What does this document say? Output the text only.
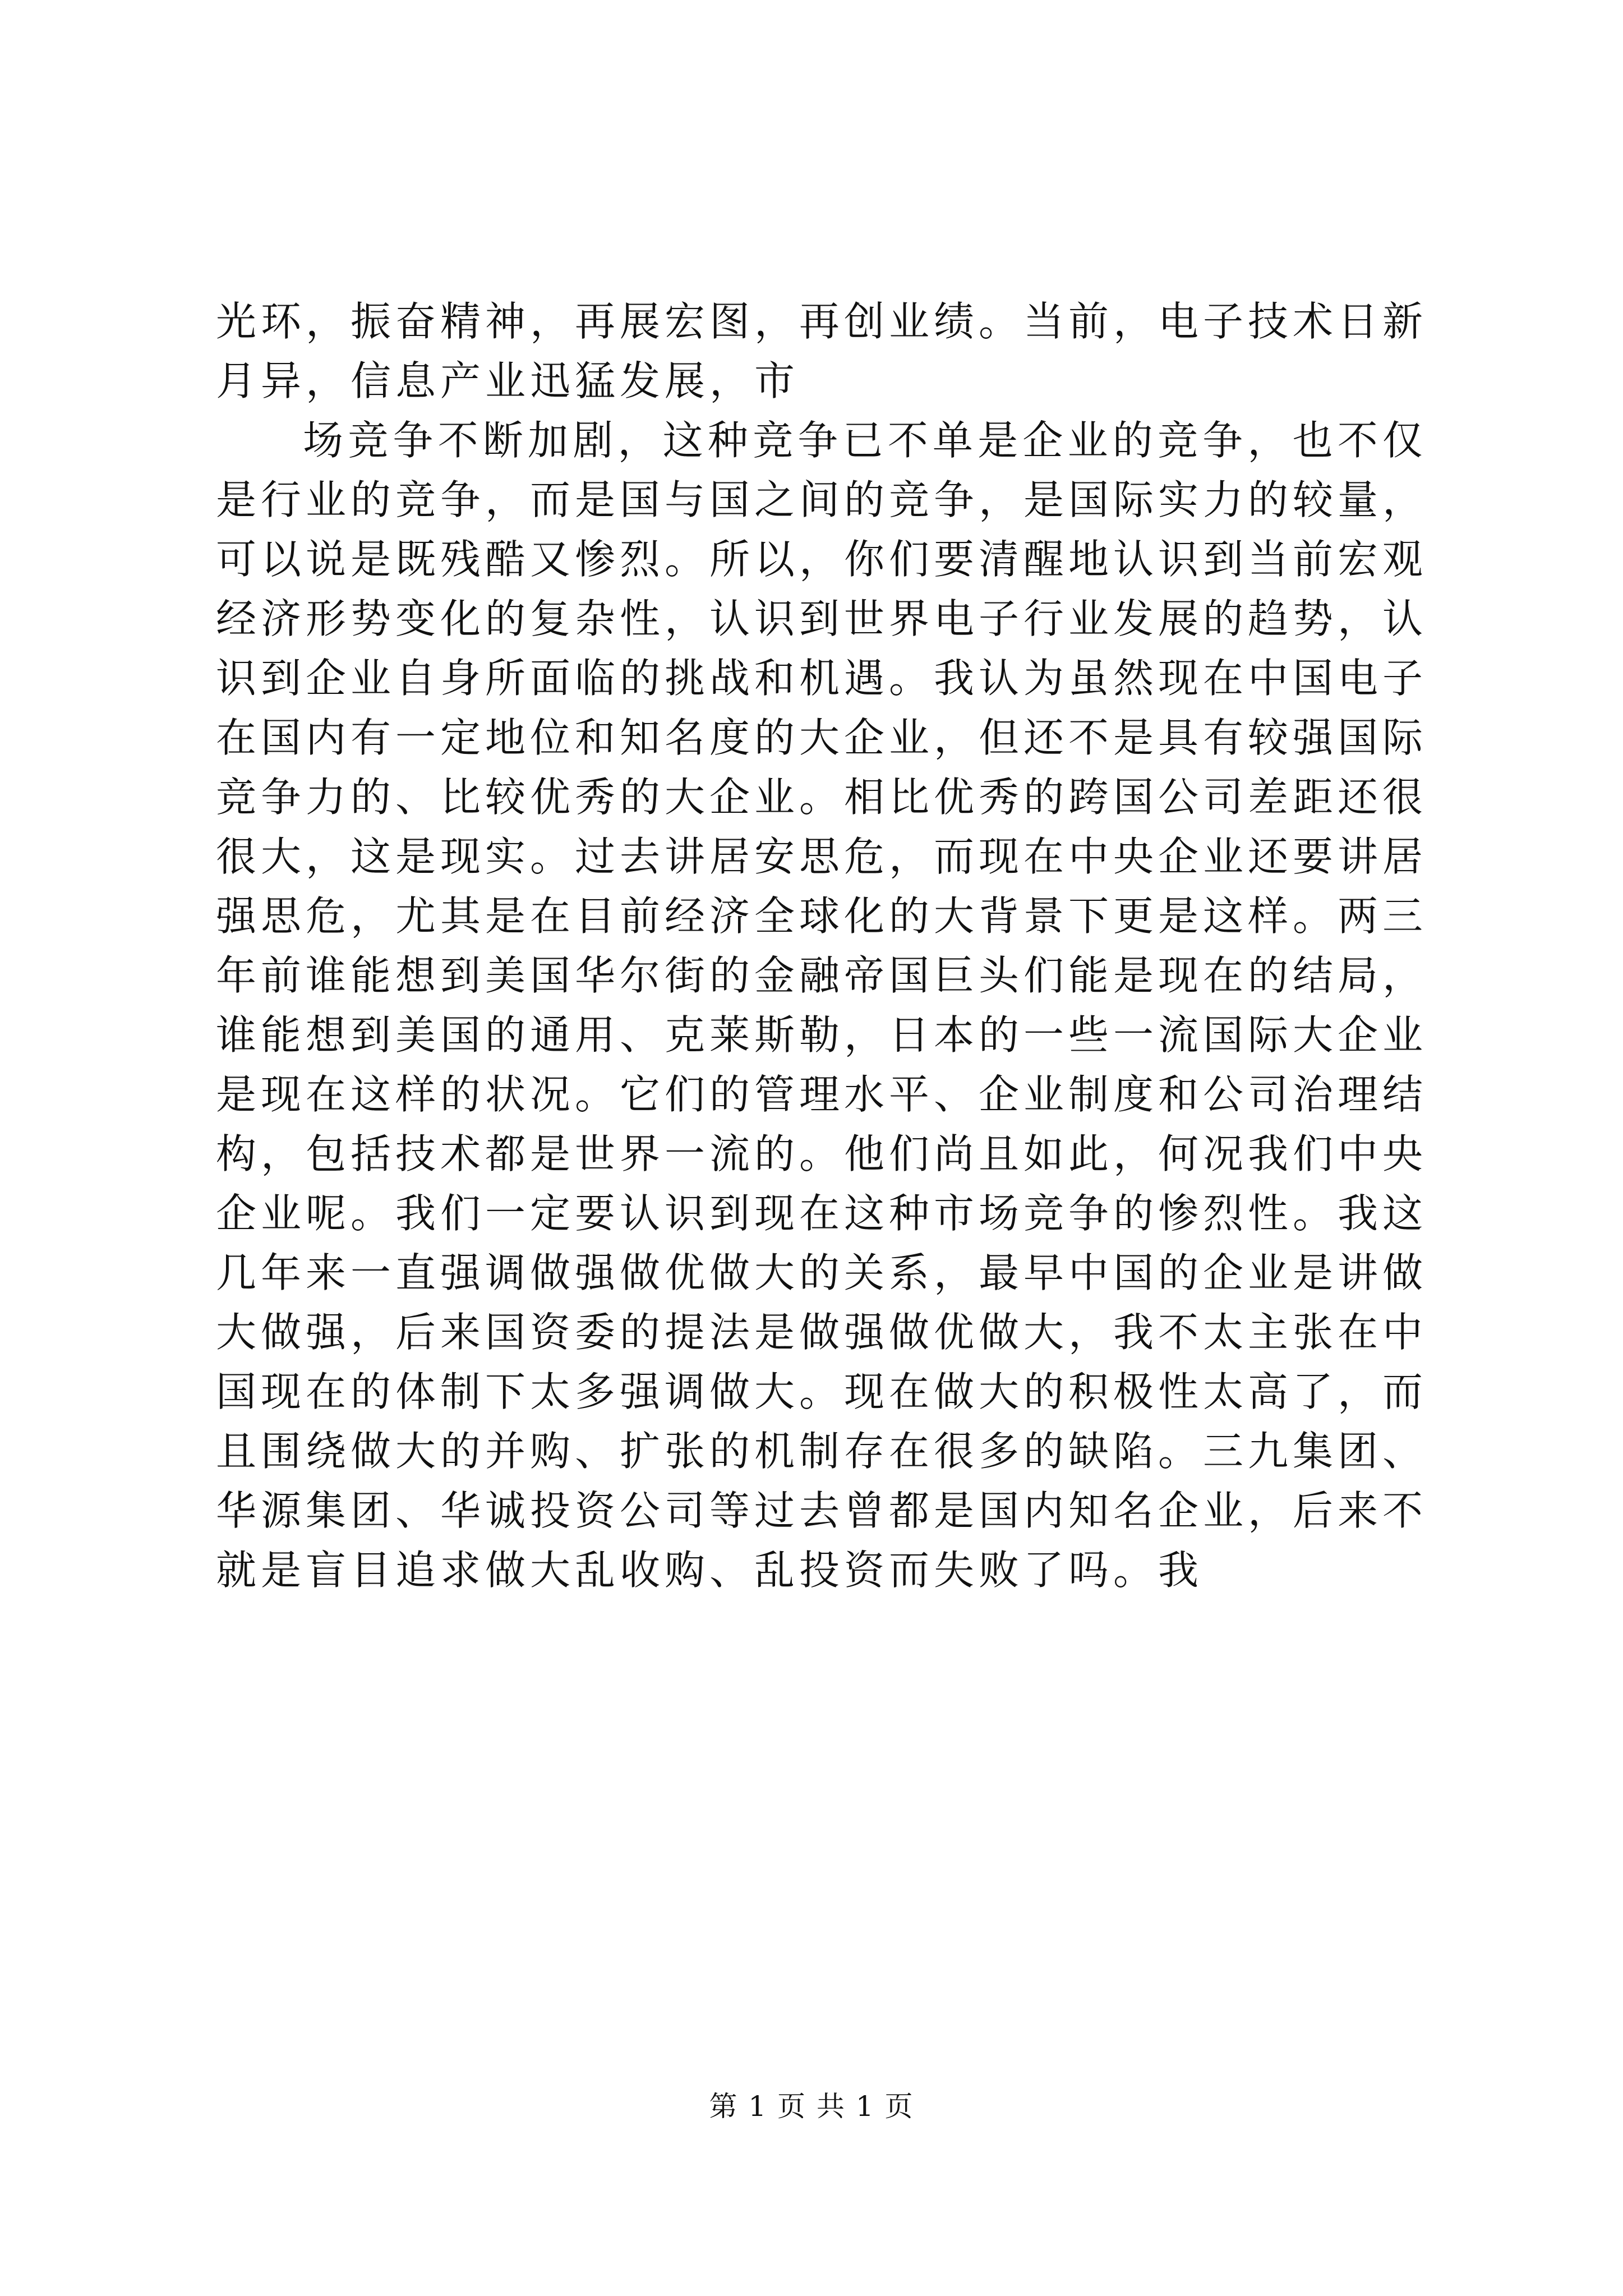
光环，振奋精神，再展宏图，再创业绩。当前，电子技术日新月异，信息产业迅猛发展，市

场竞争不断加剧，这种竞争已不单是企业的竞争，也不仅是行业的竞争，而是国与国之间的竞争，是国际实力的较量，可以说是既残酷又惨烈。所以，你们要清醒地认识到当前宏观经济形势变化的复杂性，认识到世界电子行业发展的趋势，认识到企业自身所面临的挑战和机遇。我认为虽然现在中国电子在国内有一定地位和知名度的大企业，但还不是具有较强国际竞争力的、比较优秀的大企业。相比优秀的跨国公司差距还很很大，这是现实。过去讲居安思危，而现在中央企业还要讲居强思危，尤其是在目前经济全球化的大背景下更是这样。两三年前谁能想到美国华尔街的金融帝国巨头们能是现在的结局，谁能想到美国的通用、克莱斯勒，日本的一些一流国际大企业是现在这样的状况。它们的管理水平、企业制度和公司治理结构，包括技术都是世界一流的。他们尚且如此，何况我们中央企业呢。我们一定要认识到现在这种市场竞争的惨烈性。我这几年来一直强调做强做优做大的关系，最早中国的企业是讲做大做强，后来国资委的提法是做强做优做大，我不太主张在中国现在的体制下太多强调做大。现在做大的积极性太高了，而且围绕做大的并购、扩张的机制存在很多的缺陷。三九集团、华源集团、华诚投资公司等过去曾都是国内知名企业，后来不就是盲目追求做大乱收购、乱投资而失败了吗。我

第 1 页 共 1 页
